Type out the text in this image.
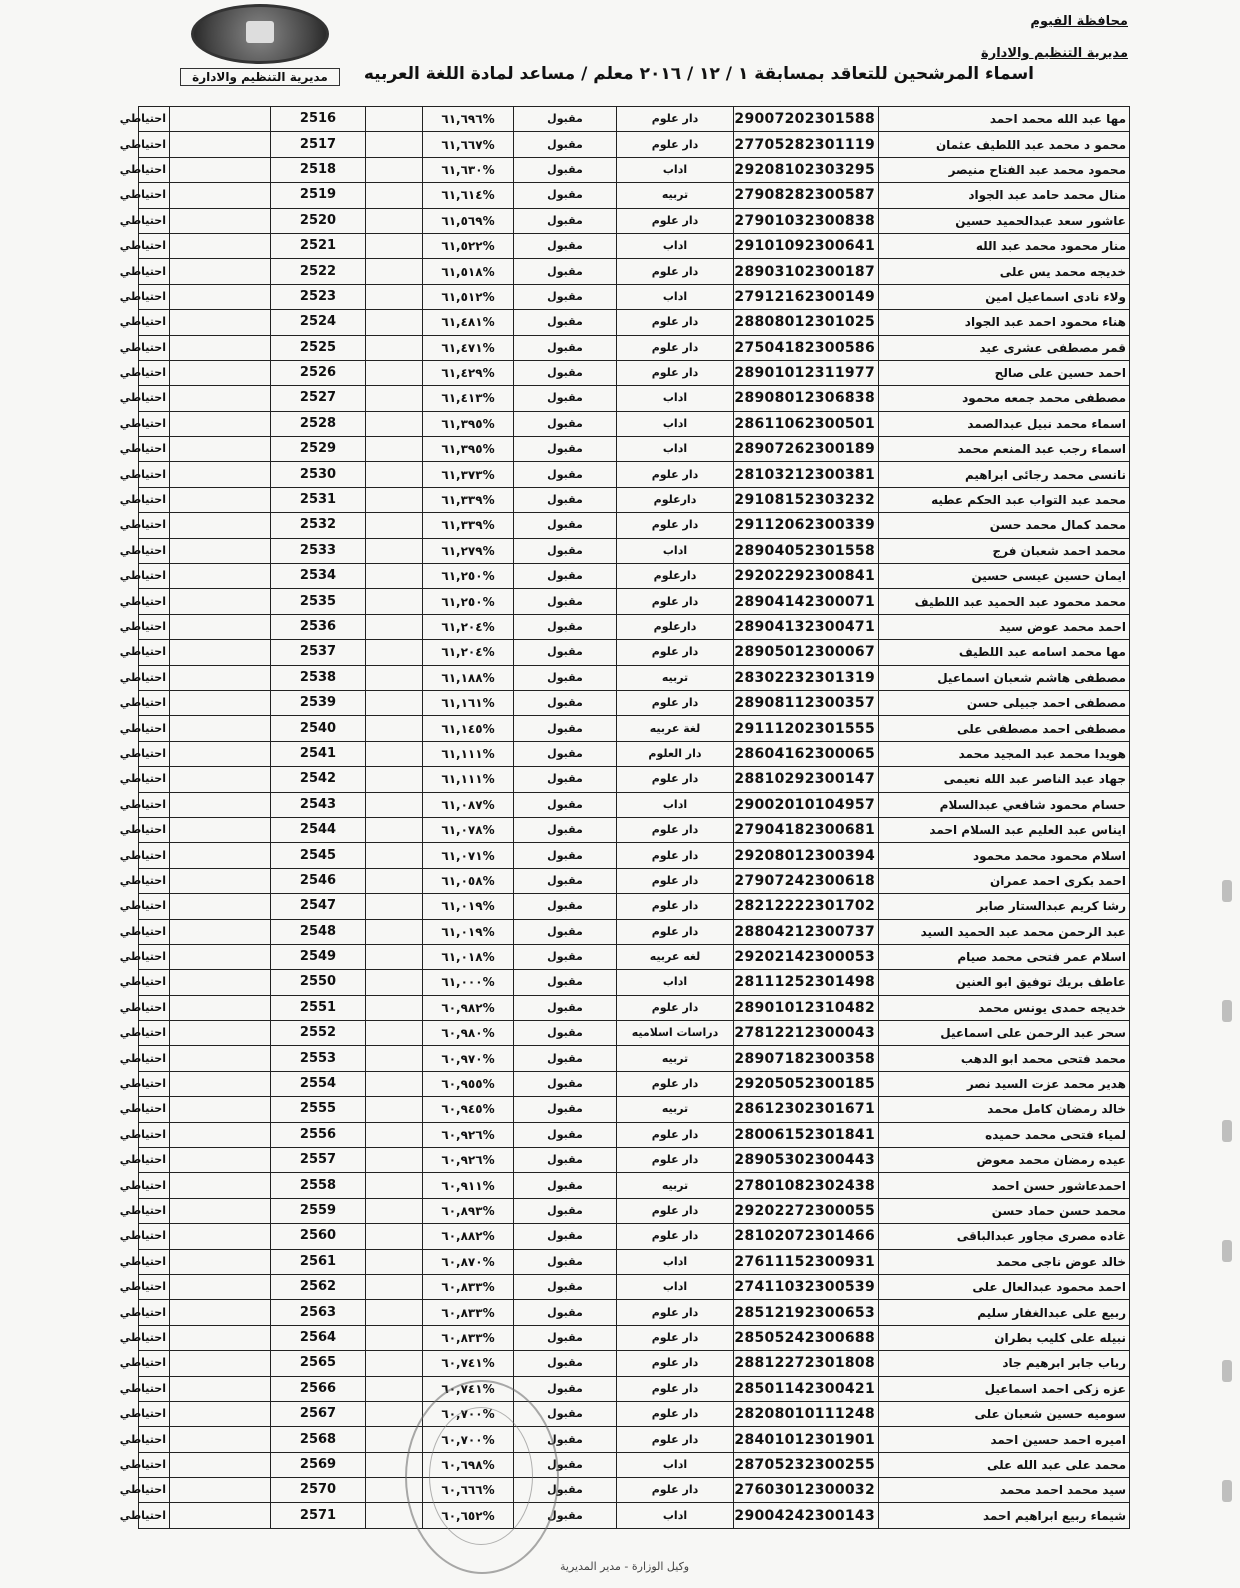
محافظة الفيوم
مديرية التنظيم والادارة
مديرية التنظيم والادارة	اسماء المرشحين للتعاقد بمسابقة ١ / ١٢ / ٢٠١٦ معلم / مساعد لمادة اللغة العربيه
مها عبد الله محمد احمد	29007202301588	دار علوم	مقبول	%٦١,٦٩٦		2516		احتياطي
محمو د محمد عبد اللطيف عثمان	27705282301119	دار علوم	مقبول	%٦١,٦٦٧		2517		احتياطي
محمود محمد عبد الفتاح منيصر	29208102303295	اداب	مقبول	%٦١,٦٣٠		2518		احتياطي
منال محمد حامد عبد الجواد	27908282300587	تربيه	مقبول	%٦١,٦١٤		2519		احتياطي
عاشور سعد عبدالحميد حسين	27901032300838	دار علوم	مقبول	%٦١,٥٦٩		2520		احتياطي
منار محمود محمد عبد الله	29101092300641	اداب	مقبول	%٦١,٥٢٢		2521		احتياطي
خديجه محمد يس على	28903102300187	دار علوم	مقبول	%٦١,٥١٨		2522		احتياطي
ولاء نادى اسماعيل امين	27912162300149	اداب	مقبول	%٦١,٥١٢		2523		احتياطي
هناء محمود احمد عبد الجواد	28808012301025	دار علوم	مقبول	%٦١,٤٨١		2524		احتياطي
قمر مصطفى عشرى عيد	27504182300586	دار علوم	مقبول	%٦١,٤٧١		2525		احتياطي
احمد حسين على صالح	28901012311977	دار علوم	مقبول	%٦١,٤٢٩		2526		احتياطي
مصطفى محمد جمعه محمود	28908012306838	اداب	مقبول	%٦١,٤١٣		2527		احتياطي
اسماء محمد نبيل عبدالصمد	28611062300501	اداب	مقبول	%٦١,٣٩٥		2528		احتياطي
اسماء رجب عبد المنعم محمد	28907262300189	اداب	مقبول	%٦١,٣٩٥		2529		احتياطي
نانسى محمد رجائى ابراهيم	28103212300381	دار علوم	مقبول	%٦١,٣٧٣		2530		احتياطي
محمد عبد التواب عبد الحكم عطيه	29108152303232	دارعلوم	مقبول	%٦١,٣٣٩		2531		احتياطي
محمد كمال محمد حسن	29112062300339	دار علوم	مقبول	%٦١,٣٣٩		2532		احتياطي
محمد احمد شعبان فرج	28904052301558	اداب	مقبول	%٦١,٢٧٩		2533		احتياطي
ايمان حسين عيسى حسين	29202292300841	دارعلوم	مقبول	%٦١,٢٥٠		2534		احتياطي
محمد محمود عبد الحميد عبد اللطيف	28904142300071	دار علوم	مقبول	%٦١,٢٥٠		2535		احتياطي
احمد محمد عوض سيد	28904132300471	دارعلوم	مقبول	%٦١,٢٠٤		2536		احتياطي
مها محمد اسامه عبد اللطيف	28905012300067	دار علوم	مقبول	%٦١,٢٠٤		2537		احتياطي
مصطفى هاشم شعبان اسماعيل	28302232301319	تربيه	مقبول	%٦١,١٨٨		2538		احتياطي
مصطفى احمد جبيلى حسن	28908112300357	دار علوم	مقبول	%٦١,١٦١		2539		احتياطي
مصطفى احمد مصطفى على	29111202301555	لغة عربيه	مقبول	%٦١,١٤٥		2540		احتياطي
هويدا محمد عبد المجيد محمد	28604162300065	دار العلوم	مقبول	%٦١,١١١		2541		احتياطي
جهاد عبد الناصر عبد الله نعيمى	28810292300147	دار علوم	مقبول	%٦١,١١١		2542		احتياطي
حسام محمود شافعي عبدالسلام	29002010104957	اداب	مقبول	%٦١,٠٨٧		2543		احتياطي
ايناس عبد العليم عبد السلام احمد	27904182300681	دار علوم	مقبول	%٦١,٠٧٨		2544		احتياطي
اسلام محمود محمد محمود	29208012300394	دار علوم	مقبول	%٦١,٠٧١		2545		احتياطي
احمد بكرى احمد عمران	27907242300618	دار علوم	مقبول	%٦١,٠٥٨		2546		احتياطي
رشا كريم عبدالستار صابر	28212222301702	دار علوم	مقبول	%٦١,٠١٩		2547		احتياطي
عبد الرحمن محمد عبد الحميد السيد	28804212300737	دار علوم	مقبول	%٦١,٠١٩		2548		احتياطي
اسلام عمر فتحى محمد صيام	29202142300053	لغه عربيه	مقبول	%٦١,٠١٨		2549		احتياطي
عاطف بريك توفيق ابو العنين	28111252301498	اداب	مقبول	%٦١,٠٠٠		2550		احتياطي
خديجه حمدى يونس محمد	28901012310482	دار علوم	مقبول	%٦٠,٩٨٢		2551		احتياطي
سحر عبد الرحمن على اسماعيل	27812212300043	دراسات اسلاميه	مقبول	%٦٠,٩٨٠		2552		احتياطي
محمد فتحى محمد ابو الدهب	28907182300358	تربيه	مقبول	%٦٠,٩٧٠		2553		احتياطي
هدير محمد عزت السيد نصر	29205052300185	دار علوم	مقبول	%٦٠,٩٥٥		2554		احتياطي
خالد رمضان كامل محمد	28612302301671	تربيه	مقبول	%٦٠,٩٤٥		2555		احتياطي
لمياء فتحى محمد حميده	28006152301841	دار علوم	مقبول	%٦٠,٩٢٦		2556		احتياطي
عيده رمضان محمد معوض	28905302300443	دار علوم	مقبول	%٦٠,٩٢٦		2557		احتياطي
احمدعاشور حسن احمد	27801082302438	تربيه	مقبول	%٦٠,٩١١		2558		احتياطي
محمد حسن حماد حسن	29202272300055	دار علوم	مقبول	%٦٠,٨٩٣		2559		احتياطي
غاده مصرى مجاور عبدالباقى	28102072301466	دار علوم	مقبول	%٦٠,٨٨٢		2560		احتياطي
خالد عوض ناجى محمد	27611152300931	اداب	مقبول	%٦٠,٨٧٠		2561		احتياطي
احمد محمود عبدالعال على	27411032300539	اداب	مقبول	%٦٠,٨٣٣		2562		احتياطي
ربيع على عبدالغفار سليم	28512192300653	دار علوم	مقبول	%٦٠,٨٣٣		2563		احتياطي
نبيله على كليب بطران	28505242300688	دار علوم	مقبول	%٦٠,٨٣٣		2564		احتياطي
رباب جابر ابرهيم جاد	28812272301808	دار علوم	مقبول	%٦٠,٧٤١		2565		احتياطي
عزه زكى احمد اسماعيل	28501142300421	دار علوم	مقبول	%٦٠,٧٤١		2566		احتياطي
سوميه حسين شعبان على	28208010111248	دار علوم	مقبول	%٦٠,٧٠٠		2567		احتياطي
اميره احمد حسين احمد	28401012301901	دار علوم	مقبول	%٦٠,٧٠٠		2568		احتياطي
محمد على عبد الله على	28705232300255	اداب	مقبول	%٦٠,٦٩٨		2569		احتياطي
سيد محمد احمد محمد	27603012300032	دار علوم	مقبول	%٦٠,٦٦٦		2570		احتياطي
شيماء ربيع ابراهيم احمد	29004242300143	اداب	مقبول	%٦٠,٦٥٢		2571		احتياطي
وكيل الوزارة - مدير المديرية
